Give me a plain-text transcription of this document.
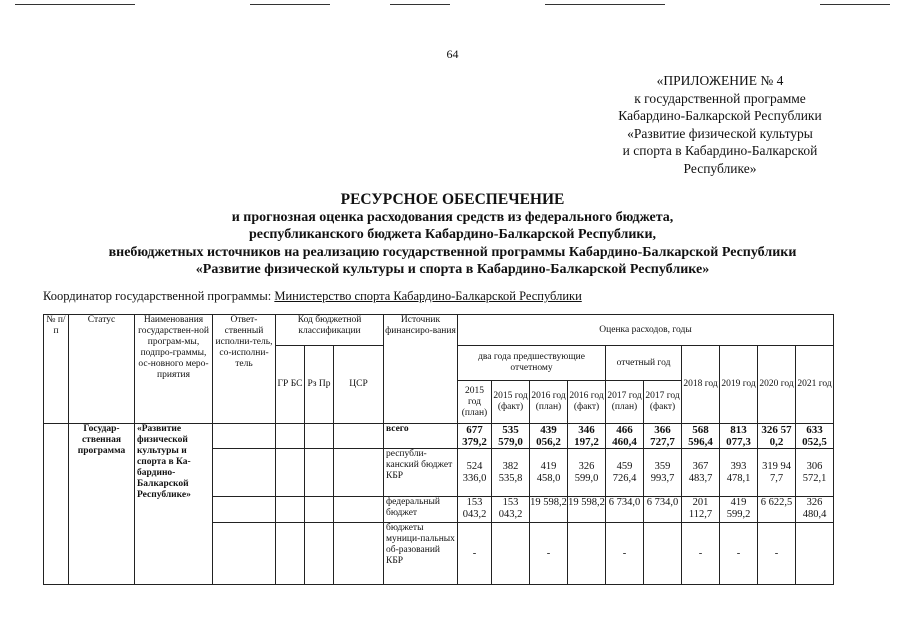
64
«ПРИЛОЖЕНИЕ № 4
к государственной программе
Кабардино-Балкарской Республики
«Развитие физической культуры
и спорта в Кабардино-Балкарской
Республике»
РЕСУРСНОЕ ОБЕСПЕЧЕНИЕ
и прогнозная оценка расходования средств из федерального бюджета,
республиканского бюджета Кабардино-Балкарской Республики,
внебюджетных источников на реализацию государственной программы Кабардино-Балкарской Республики
«Развитие физической культуры и спорта в Кабардино-Балкарской Республике»
Координатор государственной программы: Министерство спорта Кабардино-Балкарской Республики
№ п/ п	Статус	Наименования государствен-ной програм-мы, подпро-граммы, ос-новного меро-приятия	Ответ-ственный исполни-тель, со-исполни-тель	Код бюджетной классификации			Источник финансиро-вания	Оценка расходов, годы									
				ГР БС	Рз Пр	ЦСР		два года предшествующие отчетному				отчетный год		2018 год	2019 год	2020 год	2021 год
								2015 год (план)	2015 год (факт)	2016 год (план)	2016 год (факт)	2017 год (план)	2017 год (факт)				

	Государ-ственная программа	«Развитие физической культуры и спорта в Ка-бардино-Балкарской Республике»					всего	677 379,2	535 579,0	439 056,2	346 197,2	466 460,4	366 727,7	568 596,4	813 077,3	326 57 0,2	633 052,5
							республи-канский бюджет КБР	524 336,0	382 535,8	419 458,0	326 599,0	459 726,4	359 993,7	367 483,7	393 478,1	319 94 7,7	306 572,1
							федеральный бюджет	153 043,2	153 043,2	19 598,2	19 598,2	6 734,0	6 734,0	201 112,7	419 599,2	6 622,5	326 480,4
							бюджеты муници-пальных об-разований КБР	-		-		-		-	-	-	
